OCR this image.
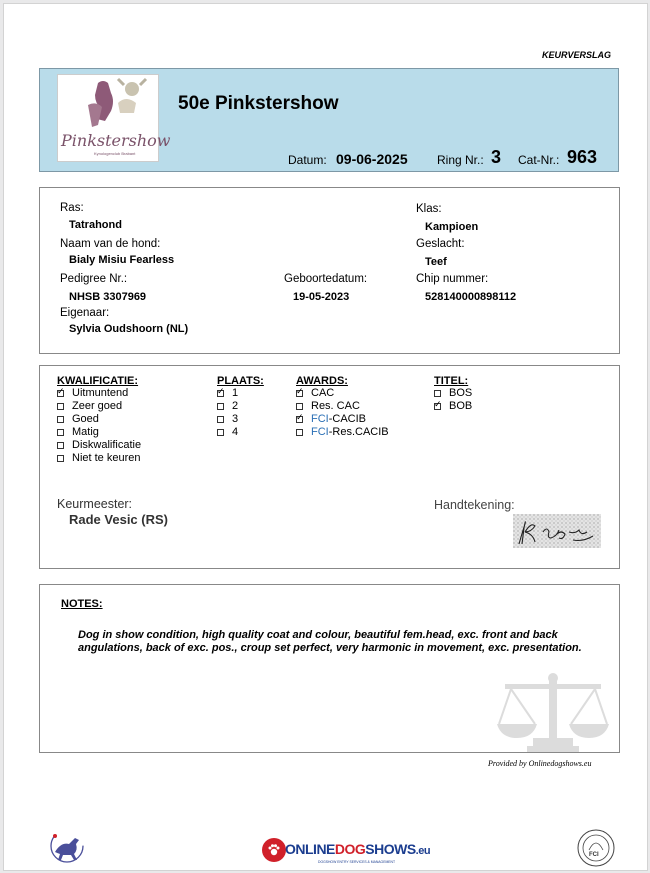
KEURVERSLAG
Pinkstershow
Kynologenclub Brabant
50e Pinkstershow
Datum: 09-06-2025 Ring Nr.: 3 Cat-Nr.: 963
Ras:
Tatrahond
Naam van de hond:
Bialy Misiu Fearless
Pedigree Nr.:
NHSB 3307969
Geboortedatum:
19-05-2023
Eigenaar:
Sylvia Oudshoorn (NL)
Klas:
Kampioen
Geslacht:
Teef
Chip nummer:
528140000898112
KWALIFICATIE:
✓
Uitmuntend
Zeer goed
Goed
Matig
Diskwalificatie
Niet te keuren
PLAATS:
✓
1
2
3
4
AWARDS:
✓
CAC
Res. CAC
✓
FCI -CACIB
FCI -Res.CACIB
TITEL:
BOS
✓
BOB
Keurmeester:
Rade Vesic (RS)
Handtekening:
NOTES:
Dog in show condition, high quality coat and colour, beautiful fem.head, exc. front and back angulations, back of exc. pos., croup set perfect, very harmonic in movement, exc. presentation.
Provided by Onlinedogshows.eu
ONLINEDOGSHOWS.eu
DOGSHOW ENTRY SERVICES & MANAGEMENT
FCI
